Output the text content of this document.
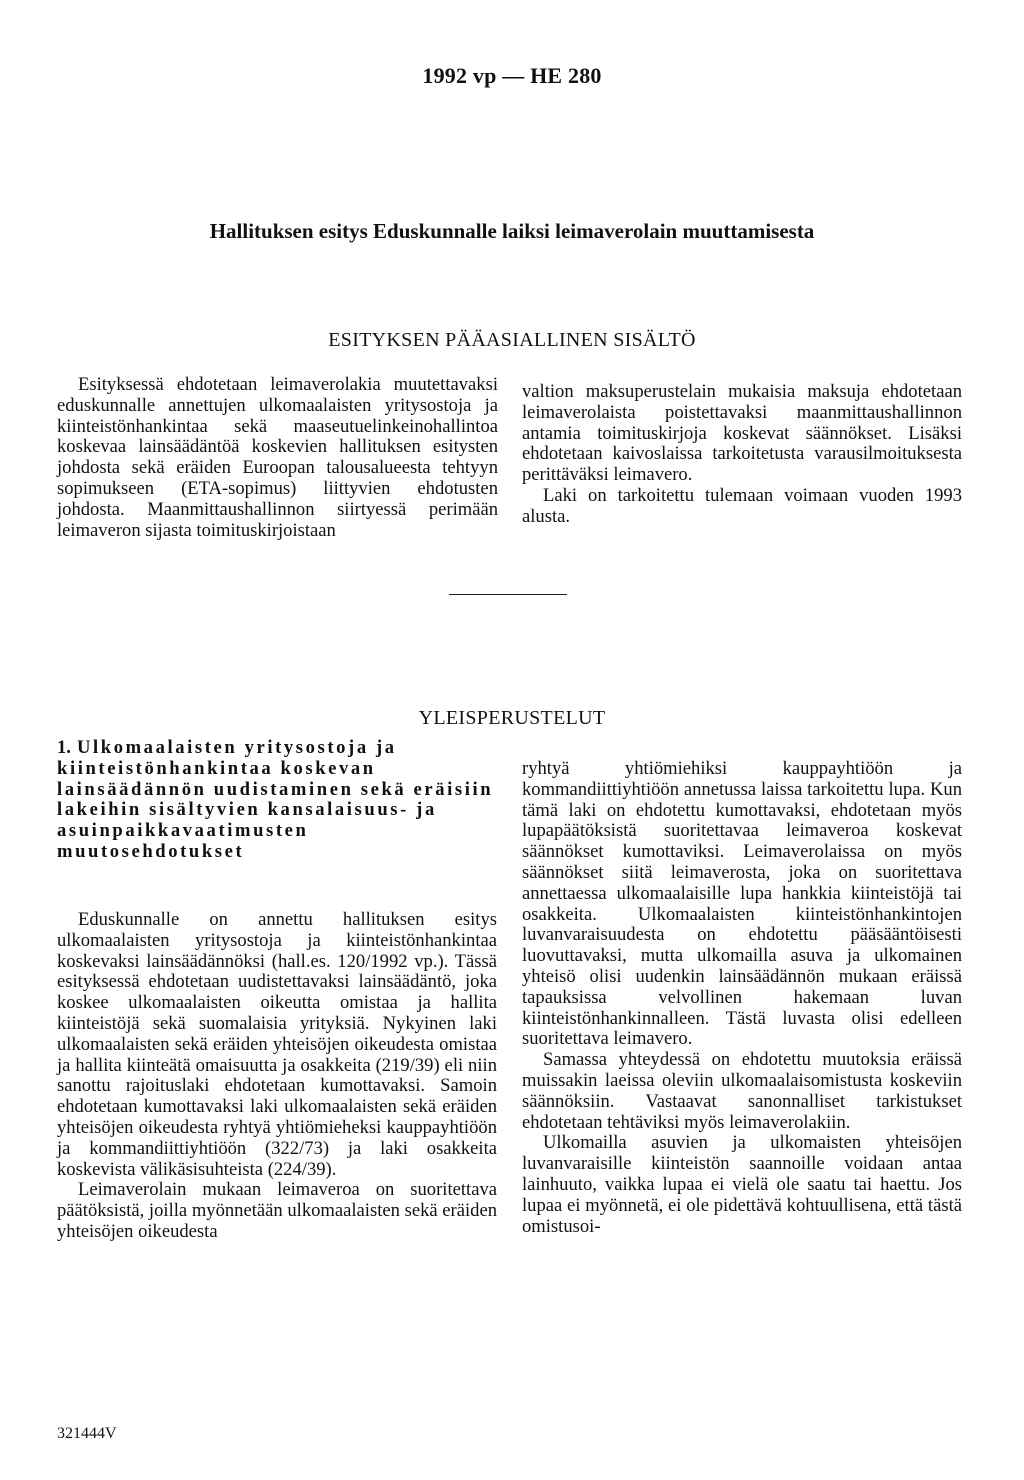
1992 vp — HE 280
Hallituksen esitys Eduskunnalle laiksi leimaverolain muuttamisesta
ESITYKSEN PÄÄASIALLINEN SISÄLTÖ

Esityksessä ehdotetaan leimaverolakia muutettavaksi eduskunnalle annettujen ulkomaalaisten yritysostoja ja kiinteistönhankintaa sekä maaseutuelinkeinohallintoa koskevaa lainsäädäntöä koskevien hallituksen esitysten johdosta sekä eräiden Euroopan talousalueesta tehtyyn sopimukseen (ETA-sopimus) liittyvien ehdotusten johdosta. Maanmittaushallinnon siirtyessä perimään leimaveron sijasta toimituskirjoistaan

valtion maksuperustelain mukaisia maksuja ehdotetaan leimaverolaista poistettavaksi maanmittaushallinnon antamia toimituskirjoja koskevat säännökset. Lisäksi ehdotetaan kaivoslaissa tarkoitetusta varausilmoituksesta perittäväksi leimavero.

Laki on tarkoitettu tulemaan voimaan vuoden 1993 alusta.

YLEISPERUSTELUT
1. Ulkomaalaisten yritysostoja ja kiinteistönhankintaa koskevan lainsäädännön uudistaminen sekä eräisiin lakeihin sisältyvien kansalaisuus- ja asuinpaikkavaatimusten muutosehdotukset

Eduskunnalle on annettu hallituksen esitys ulkomaalaisten yritysostoja ja kiinteistönhankintaa koskevaksi lainsäädännöksi (hall.es. 120/1992 vp.). Tässä esityksessä ehdotetaan uudistettavaksi lainsäädäntö, joka koskee ulkomaalaisten oikeutta omistaa ja hallita kiinteistöjä sekä suomalaisia yrityksiä. Nykyinen laki ulkomaalaisten sekä eräiden yhteisöjen oikeudesta omistaa ja hallita kiinteätä omaisuutta ja osakkeita (219/39) eli niin sanottu rajoituslaki ehdotetaan kumottavaksi. Samoin ehdotetaan kumottavaksi laki ulkomaalaisten sekä eräiden yhteisöjen oikeudesta ryhtyä yhtiömieheksi kauppayhtiöön ja kommandiittiyhtiöön (322/73) ja laki osakkeita koskevista välikäsisuhteista (224/39).

Leimaverolain mukaan leimaveroa on suoritettava päätöksistä, joilla myönnetään ulkomaalaisten sekä eräiden yhteisöjen oikeudesta

ryhtyä yhtiömiehiksi kauppayhtiöön ja kommandiittiyhtiöön annetussa laissa tarkoitettu lupa. Kun tämä laki on ehdotettu kumottavaksi, ehdotetaan myös lupapäätöksistä suoritettavaa leimaveroa koskevat säännökset kumottaviksi. Leimaverolaissa on myös säännökset siitä leimaverosta, joka on suoritettava annettaessa ulkomaalaisille lupa hankkia kiinteistöjä tai osakkeita. Ulkomaalaisten kiinteistönhankintojen luvanvaraisuudesta on ehdotettu pääsääntöisesti luovuttavaksi, mutta ulkomailla asuva ja ulkomainen yhteisö olisi uudenkin lainsäädännön mukaan eräissä tapauksissa velvollinen hakemaan luvan kiinteistönhankinnalleen. Tästä luvasta olisi edelleen suoritettava leimavero.

Samassa yhteydessä on ehdotettu muutoksia eräissä muissakin laeissa oleviin ulkomaalaisomistusta koskeviin säännöksiin. Vastaavat sanonnalliset tarkistukset ehdotetaan tehtäviksi myös leimaverolakiin.

Ulkomailla asuvien ja ulkomaisten yhteisöjen luvanvaraisille kiinteistön saannoille voidaan antaa lainhuuto, vaikka lupaa ei vielä ole saatu tai haettu. Jos lupaa ei myönnetä, ei ole pidettävä kohtuullisena, että tästä omistusoi-

321444V
